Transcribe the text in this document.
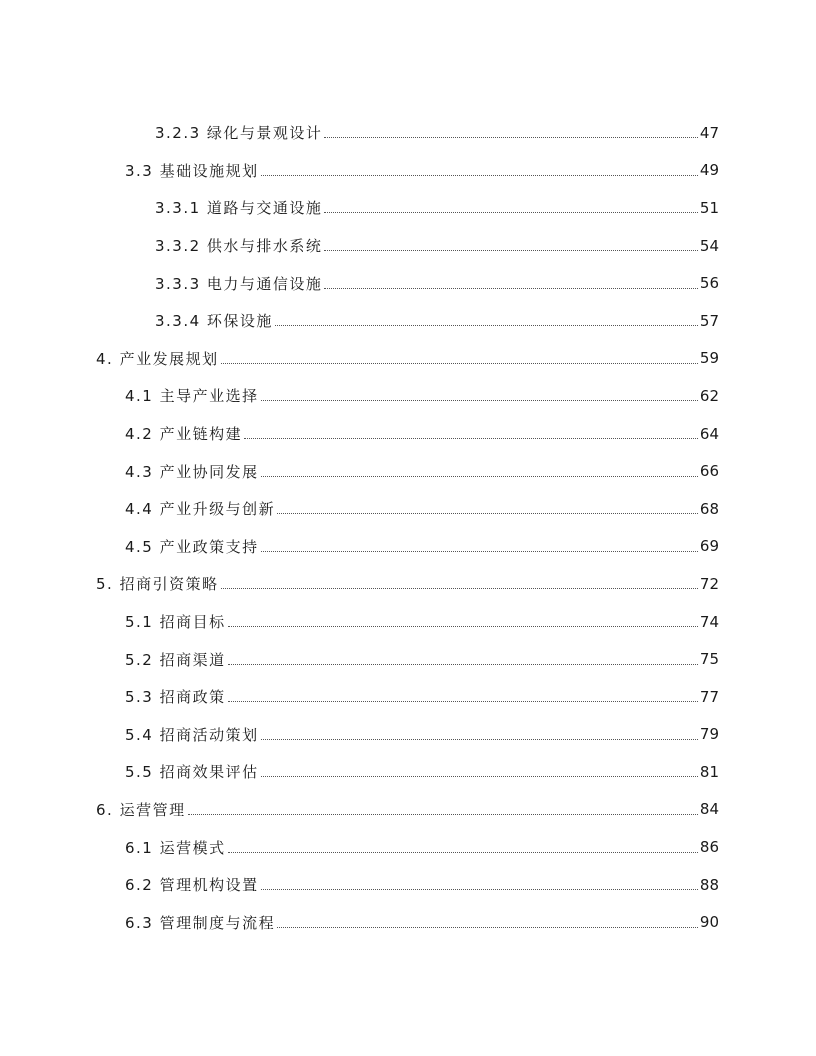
3.2.3 绿化与景观设计	47
3.3 基础设施规划	49
3.3.1 道路与交通设施	51
3.3.2 供水与排水系统	54
3.3.3 电力与通信设施	56
3.3.4 环保设施	57
4. 产业发展规划	59
4.1 主导产业选择	62
4.2 产业链构建	64
4.3 产业协同发展	66
4.4 产业升级与创新	68
4.5 产业政策支持	69
5. 招商引资策略	72
5.1 招商目标	74
5.2 招商渠道	75
5.3 招商政策	77
5.4 招商活动策划	79
5.5 招商效果评估	81
6. 运营管理	84
6.1 运营模式	86
6.2 管理机构设置	88
6.3 管理制度与流程	90
